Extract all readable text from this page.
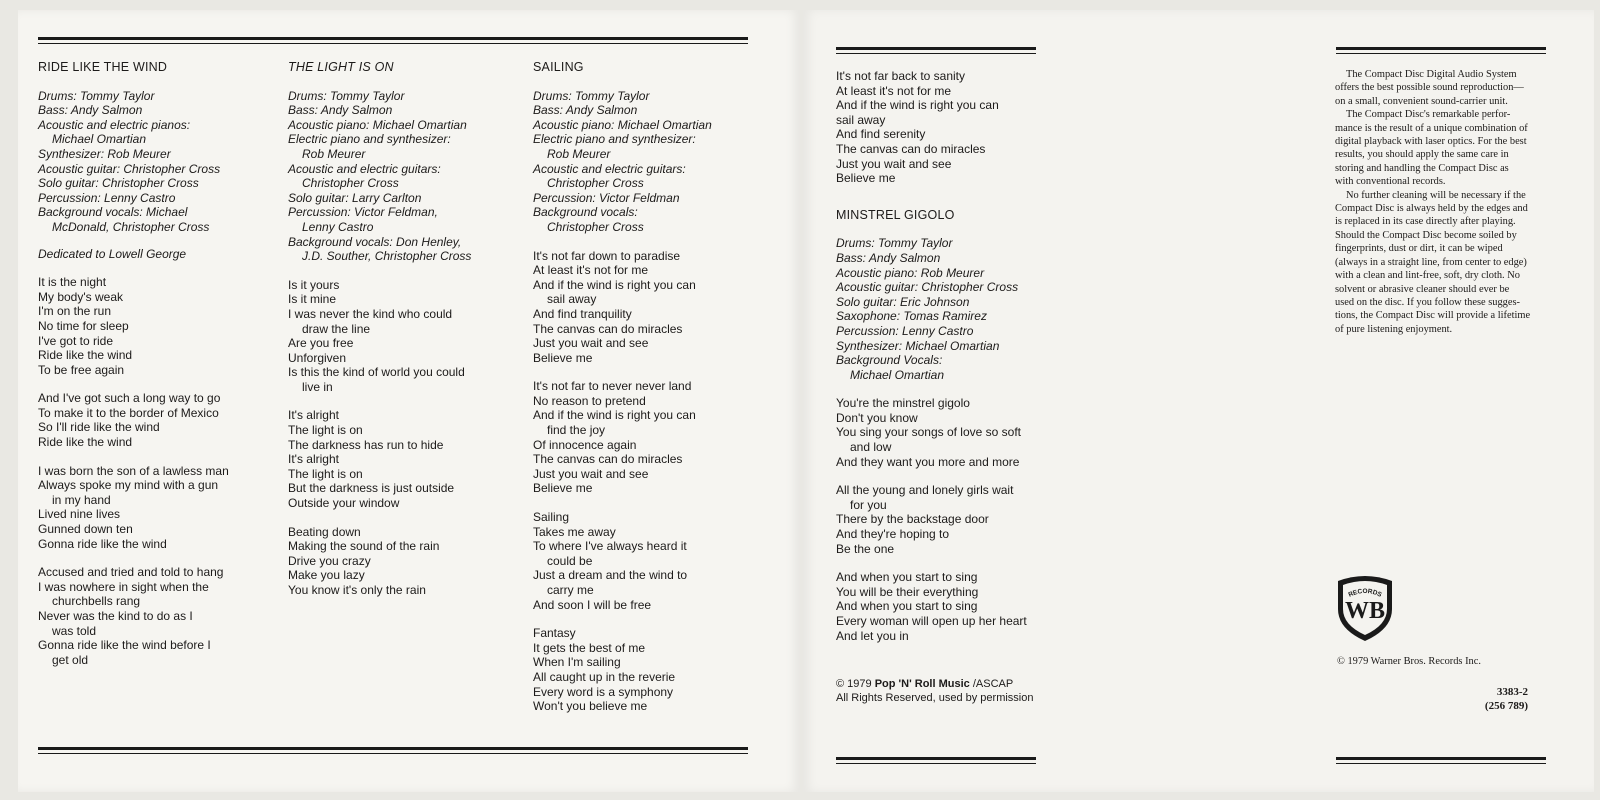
RIDE LIKE THE WIND
Drums: Tommy Taylor
Bass: Andy Salmon
Acoustic and electric pianos:
Michael Omartian
Synthesizer: Rob Meurer
Acoustic guitar: Christopher Cross
Solo guitar: Christopher Cross
Percussion: Lenny Castro
Background vocals: Michael
McDonald, Christopher Cross
Dedicated to Lowell George
It is the night
My body's weak
I'm on the run
No time for sleep
I've got to ride
Ride like the wind
To be free again
And I've got such a long way to go
To make it to the border of Mexico
So I'll ride like the wind
Ride like the wind
I was born the son of a lawless man
Always spoke my mind with a gun
in my hand
Lived nine lives
Gunned down ten
Gonna ride like the wind
Accused and tried and told to hang
I was nowhere in sight when the
churchbells rang
Never was the kind to do as I
was told
Gonna ride like the wind before I
get old
THE LIGHT IS ON
Drums: Tommy Taylor
Bass: Andy Salmon
Acoustic piano: Michael Omartian
Electric piano and synthesizer:
Rob Meurer
Acoustic and electric guitars:
Christopher Cross
Solo guitar: Larry Carlton
Percussion: Victor Feldman,
Lenny Castro
Background vocals: Don Henley,
J.D. Souther, Christopher Cross
Is it yours
Is it mine
I was never the kind who could
draw the line
Are you free
Unforgiven
Is this the kind of world you could
live in
It's alright
The light is on
The darkness has run to hide
It's alright
The light is on
But the darkness is just outside
Outside your window
Beating down
Making the sound of the rain
Drive you crazy
Make you lazy
You know it's only the rain
SAILING
Drums: Tommy Taylor
Bass: Andy Salmon
Acoustic piano: Michael Omartian
Electric piano and synthesizer:
Rob Meurer
Acoustic and electric guitars:
Christopher Cross
Percussion: Victor Feldman
Background vocals:
Christopher Cross
It's not far down to paradise
At least it's not for me
And if the wind is right you can
sail away
And find tranquility
The canvas can do miracles
Just you wait and see
Believe me
It's not far to never never land
No reason to pretend
And if the wind is right you can
find the joy
Of innocence again
The canvas can do miracles
Just you wait and see
Believe me
Sailing
Takes me away
To where I've always heard it
could be
Just a dream and the wind to
carry me
And soon I will be free
Fantasy
It gets the best of me
When I'm sailing
All caught up in the reverie
Every word is a symphony
Won't you believe me
It's not far back to sanity
At least it's not for me
And if the wind is right you can
sail away
And find serenity
The canvas can do miracles
Just you wait and see
Believe me
MINSTREL GIGOLO
Drums: Tommy Taylor
Bass: Andy Salmon
Acoustic piano: Rob Meurer
Acoustic guitar: Christopher Cross
Solo guitar: Eric Johnson
Saxophone: Tomas Ramirez
Percussion: Lenny Castro
Synthesizer: Michael Omartian
Background Vocals:
Michael Omartian
You're the minstrel gigolo
Don't you know
You sing your songs of love so soft
and low
And they want you more and more
All the young and lonely girls wait
for you
There by the backstage door
And they're hoping to
Be the one
And when you start to sing
You will be their everything
And when you start to sing
Every woman will open up her heart
And let you in
© 1979 Pop 'N' Roll Music /ASCAP
All Rights Reserved, used by permission

The Compact Disc Digital Audio System
offers the best possible sound reproduction—
on a small, convenient sound-carrier unit.

The Compact Disc's remarkable perfor-
mance is the result of a unique combination of
digital playback with laser optics. For the best
results, you should apply the same care in
storing and handling the Compact Disc as
with conventional records.

No further cleaning will be necessary if the
Compact Disc is always held by the edges and
is replaced in its case directly after playing.
Should the Compact Disc become soiled by
fingerprints, dust or dirt, it can be wiped
(always in a straight line, from center to edge)
with a clean and lint-free, soft, dry cloth. No
solvent or abrasive cleaner should ever be
used on the disc. If you follow these sugges-
tions, the Compact Disc will provide a lifetime
of pure listening enjoyment.

WB
RECORDS
© 1979 Warner Bros. Records Inc.
3383-2
(256 789)
